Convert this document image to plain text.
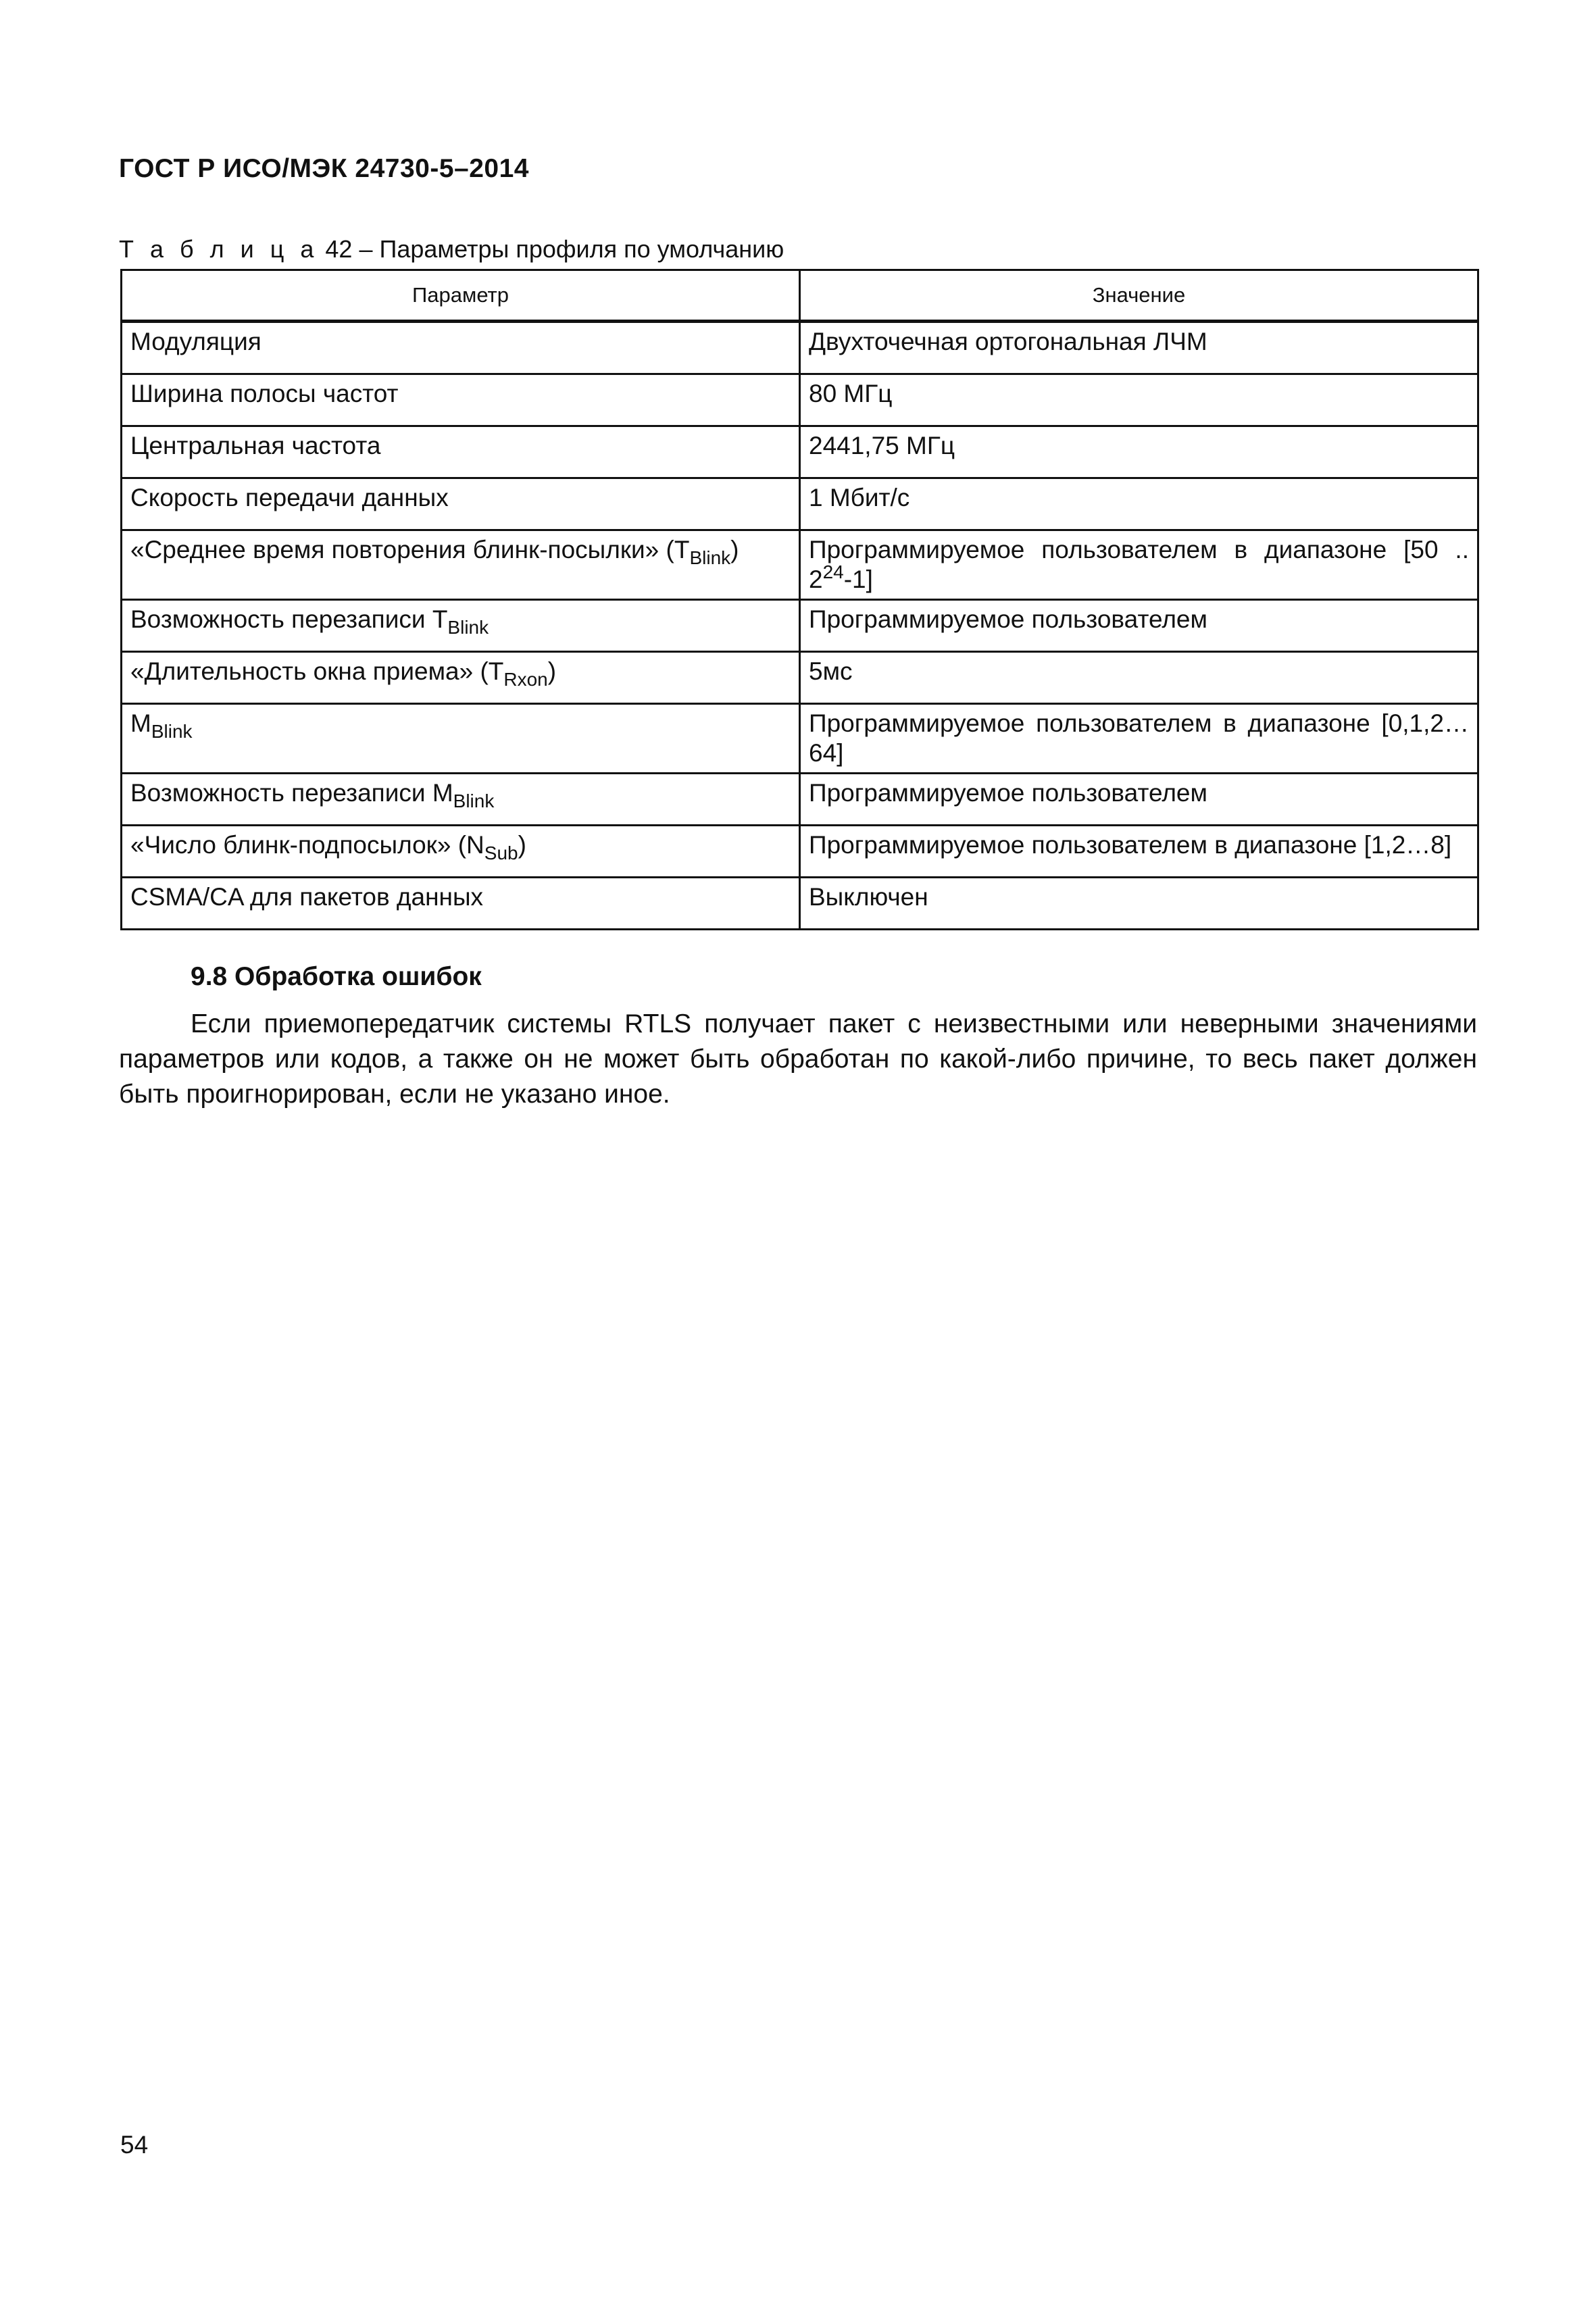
ГОСТ Р ИСО/МЭК 24730-5–2014
Т а б л и ц а 42 – Параметры профиля по умолчанию
Параметр	Значение
Модуляция	Двухточечная ортогональная ЛЧМ
Ширина полосы частот	80 МГц
Центральная частота	2441,75 МГц
Скорость передачи данных	1 Мбит/с
«Среднее время повторения блинк-посылки» $(T_{Blink})$	Программируемое пользователем в диапазоне [50 .. $2^{24}-1$]
Возможность перезаписи $T_{Blink}$	Программируемое пользователем
«Длительность окна приема» $(T_{Rxon})$	5мс
$M_{Blink}$	Программируемое пользователем в диапазоне [0,1,2…64]
Возможность перезаписи $M_{Blink}$	Программируемое пользователем
«Число блинк-подпосылок» $(N_{Sub})$	Программируемое пользователем в диапазоне [1,2…8]
CSMA/CA для пакетов данных	Выключен
9.8 Обработка ошибок

Если приемопередатчик системы RTLS получает пакет с неизвестными или неверными значениями параметров или кодов, а также он не может быть обработан по какой-либо причине, то весь пакет должен быть проигнорирован, если не указано иное.

54
